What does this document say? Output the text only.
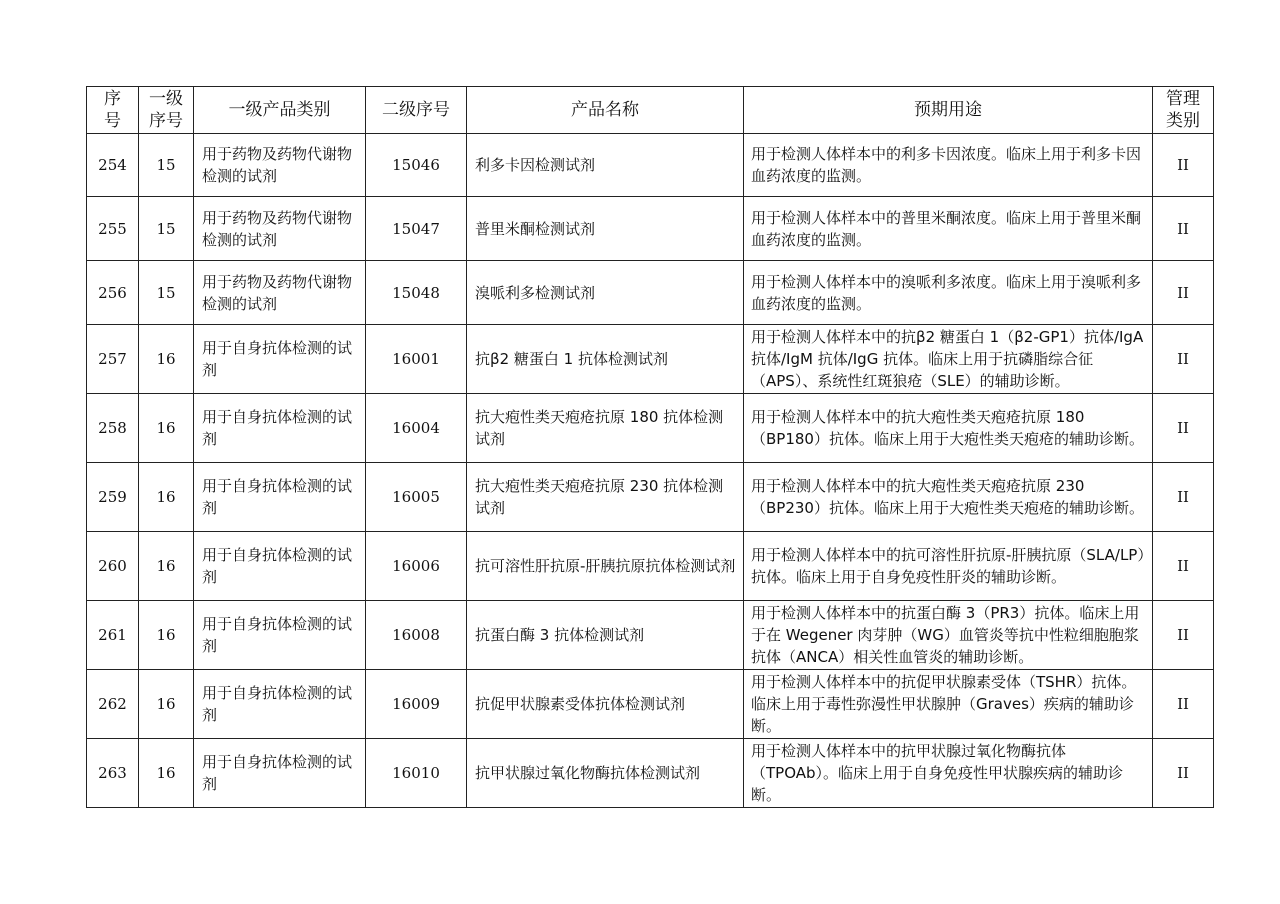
序号	一级序号	一级产品类别	二级序号	产品名称	预期用途	管理类别
254	15	用于药物及药物代谢物检测的试剂	15046	利多卡因检测试剂	用于检测人体样本中的利多卡因浓度。临床上用于利多卡因血药浓度的监测。	II
255	15	用于药物及药物代谢物检测的试剂	15047	普里米酮检测试剂	用于检测人体样本中的普里米酮浓度。临床上用于普里米酮血药浓度的监测。	II
256	15	用于药物及药物代谢物检测的试剂	15048	溴哌利多检测试剂	用于检测人体样本中的溴哌利多浓度。临床上用于溴哌利多血药浓度的监测。	II
257	16	用于自身抗体检测的试剂	16001	抗β2 糖蛋白 1 抗体检测试剂	用于检测人体样本中的抗β2 糖蛋白 1（β2-GP1）抗体/IgA 抗体/IgM 抗体/IgG 抗体。临床上用于抗磷脂综合征（APS）、系统性红斑狼疮（SLE）的辅助诊断。	II
258	16	用于自身抗体检测的试剂	16004	抗大疱性类天疱疮抗原 180 抗体检测试剂	用于检测人体样本中的抗大疱性类天疱疮抗原 180（BP180）抗体。临床上用于大疱性类天疱疮的辅助诊断。	II
259	16	用于自身抗体检测的试剂	16005	抗大疱性类天疱疮抗原 230 抗体检测试剂	用于检测人体样本中的抗大疱性类天疱疮抗原 230（BP230）抗体。临床上用于大疱性类天疱疮的辅助诊断。	II
260	16	用于自身抗体检测的试剂	16006	抗可溶性肝抗原-肝胰抗原抗体检测试剂	用于检测人体样本中的抗可溶性肝抗原-肝胰抗原（SLA/LP）抗体。临床上用于自身免疫性肝炎的辅助诊断。	II
261	16	用于自身抗体检测的试剂	16008	抗蛋白酶 3 抗体检测试剂	用于检测人体样本中的抗蛋白酶 3（PR3）抗体。临床上用于在 Wegener 肉芽肿（WG）血管炎等抗中性粒细胞胞浆抗体（ANCA）相关性血管炎的辅助诊断。	II
262	16	用于自身抗体检测的试剂	16009	抗促甲状腺素受体抗体检测试剂	用于检测人体样本中的抗促甲状腺素受体（TSHR）抗体。临床上用于毒性弥漫性甲状腺肿（Graves）疾病的辅助诊断。	II
263	16	用于自身抗体检测的试剂	16010	抗甲状腺过氧化物酶抗体检测试剂	用于检测人体样本中的抗甲状腺过氧化物酶抗体（TPOAb）。临床上用于自身免疫性甲状腺疾病的辅助诊断。	II
